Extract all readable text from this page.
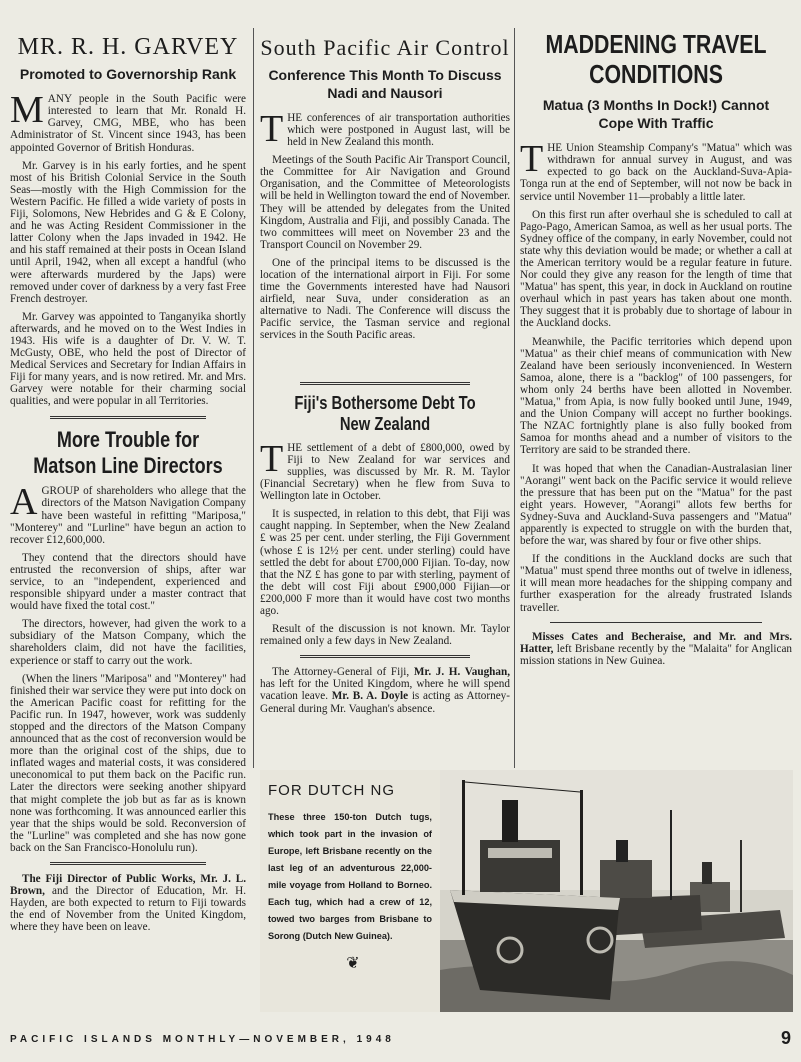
MR. R. H. GARVEY
Promoted to Governorship Rank

MANY people in the South Pacific were interested to learn that Mr. Ronald H. Garvey, CMG, MBE, who has been Administrator of St. Vincent since 1943, has been appointed Governor of British Honduras.

Mr. Garvey is in his early forties, and he spent most of his British Colonial Service in the South Seas—mostly with the High Commission for the Western Pacific. He filled a wide variety of posts in Fiji, Solomons, New Hebrides and G & E Colony, and he was Acting Resident Commissioner in the latter Colony when the Japs invaded in 1942. He and his staff remained at their posts in Ocean Island until April, 1942, when all except a handful (who were afterwards murdered by the Japs) were removed under cover of darkness by a very fast Free French destroyer.

Mr. Garvey was appointed to Tanganyika shortly afterwards, and he moved on to the West Indies in 1943. His wife is a daughter of Dr. V. W. T. McGusty, OBE, who held the post of Director of Medical Services and Secretary for Indian Affairs in Fiji for many years, and is now retired. Mr. and Mrs. Garvey were notable for their charming social qualities, and were popular in all Territories.

More Trouble for Matson Line Directors

AGROUP of shareholders who allege that the directors of the Matson Navigation Company have been wasteful in refitting "Mariposa," "Monterey" and "Lurline" have begun an action to recover £12,600,000.

They contend that the directors should have entrusted the reconversion of ships, after war service, to an "independent, experienced and responsible shipyard under a master contract that would have fixed the total cost."

The directors, however, had given the work to a subsidiary of the Matson Company, which the shareholders claim, did not have the facilities, experience or staff to carry out the work.

(When the liners "Mariposa" and "Monterey" had finished their war service they were put into dock on the American Pacific coast for refitting for the Pacific run. In 1947, however, work was suddenly stopped and the directors of the Matson Company announced that as the cost of reconversion would be more than the original cost of the ships, due to inflated wages and material costs, it was considered uneconomical to put them back on the Pacific run. Later the directors were seeking another shipyard that might complete the job but as far as is known none was forthcoming. It was announced earlier this year that the ships would be sold. Reconversion of the "Lurline" was completed and she has now gone back on the San Francisco-Honolulu run).

The Fiji Director of Public Works, Mr. J. L. Brown, and the Director of Education, Mr. H. Hayden, are both expected to return to Fiji towards the end of November from the United Kingdom, where they have been on leave.

South Pacific Air Control
Conference This Month To Discuss Nadi and Nausori

THE conferences of air transportation authorities which were postponed in August last, will be held in New Zealand this month.

Meetings of the South Pacific Air Transport Council, the Committee for Air Navigation and Ground Organisation, and the Committee of Meteorologists will be held in Wellington toward the end of November. They will be attended by delegates from the United Kingdom, Australia and Fiji, and possibly Canada. The two committees will meet on November 23 and the Transport Council on November 29.

One of the principal items to be discussed is the location of the international airport in Fiji. For some time the Governments interested have had Nausori airfield, near Suva, under consideration as an alternative to Nadi. The Conference will discuss the Pacific service, the Tasman service and regional services in the South Pacific areas.

Fiji's Bothersome Debt To New Zealand

THE settlement of a debt of £800,000, owed by Fiji to New Zealand for war services and supplies, was discussed by Mr. R. M. Taylor (Financial Secretary) when he flew from Suva to Wellington late in October.

It is suspected, in relation to this debt, that Fiji was caught napping. In September, when the New Zealand £ was 25 per cent. under sterling, the Fiji Government (whose £ is 12½ per cent. under sterling) could have settled the debt for about £700,000 Fijian. To-day, now that the NZ £ has gone to par with sterling, payment of the debt will cost Fiji about £900,000 Fijian—or £200,000 F more than it would have cost two months ago.

Result of the discussion is not known. Mr. Taylor remained only a few days in New Zealand.

The Attorney-General of Fiji, Mr. J. H. Vaughan, has left for the United Kingdom, where he will spend vacation leave. Mr. B. A. Doyle is acting as Attorney-General during Mr. Vaughan's absence.

MADDENING TRAVEL CONDITIONS
Matua (3 Months In Dock!) Cannot Cope With Traffic

THE Union Steamship Company's "Matua" which was withdrawn for annual survey in August, and was expected to go back on the Auckland-Suva-Apia-Tonga run at the end of September, will not now be back in service until November 11—probably a little later.

On this first run after overhaul she is scheduled to call at Pago-Pago, American Samoa, as well as her usual ports. The Sydney office of the company, in early November, could not state why this deviation would be made; or whether a call at the American territory would be a regular feature in future. Nor could they give any reason for the length of time that "Matua" has spent, this year, in dock in Auckland on routine overhaul which in past years has taken about one month. They suggest that it is probably due to shortage of labour in the Auckland docks.

Meanwhile, the Pacific territories which depend upon "Matua" as their chief means of communication with New Zealand have been seriously inconvenienced. In Western Samoa, alone, there is a "backlog" of 100 passengers, for whom only 24 berths have been allotted in November. "Matua," from Apia, is now fully booked until June, 1949, and the Union Company will accept no further bookings. The NZAC fortnightly plane is also fully booked from Samoa for months ahead and a number of visitors to the Territory are said to be stranded there.

It was hoped that when the Canadian-Australasian liner "Aorangi" went back on the Pacific service it would relieve the pressure that has been put on the "Matua" for the past eight years. However, "Aorangi" allots few berths for Sydney-Suva and Auckland-Suva passengers and "Matua" apparently is expected to struggle on with the burden that, before the war, was shared by four or five other ships.

If the conditions in the Auckland docks are such that "Matua" must spend three months out of twelve in idleness, it will mean more headaches for the shipping company and further exasperation for the already frustrated Islands traveller.

Misses Cates and Becheraise, and Mr. and Mrs. Hatter, left Brisbane recently by the "Malaita" for Anglican mission stations in New Guinea.

FOR DUTCH NG

These three 150-ton Dutch tugs, which took part in the invasion of Europe, left Brisbane recently on the last leg of an adventurous 22,000-mile voyage from Holland to Borneo. Each tug, which had a crew of 12, towed two barges from Brisbane to Sorong (Dutch New Guinea).

❦
PACIFIC ISLANDS MONTHLY—NOVEMBER, 1948	9
